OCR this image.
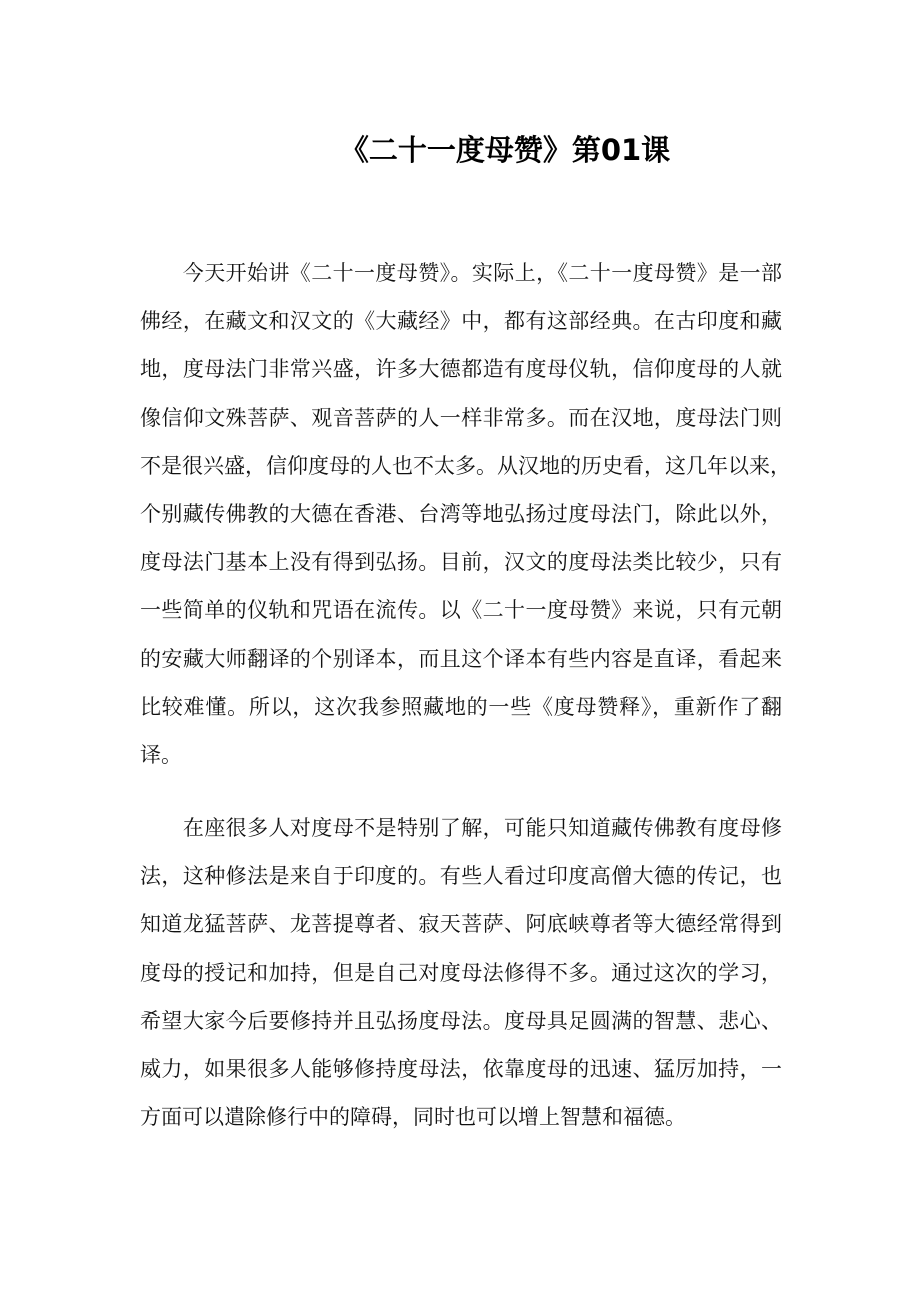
《二十一度母赞》第01课
　　今天开始讲《二十一度母赞》。实际上，《二十一度母赞》是一部
佛经，在藏文和汉文的《大藏经》中，都有这部经典。在古印度和藏
地，度母法门非常兴盛，许多大德都造有度母仪轨，信仰度母的人就
像信仰文殊菩萨、观音菩萨的人一样非常多。而在汉地，度母法门则
不是很兴盛，信仰度母的人也不太多。从汉地的历史看，这几年以来，
个别藏传佛教的大德在香港、台湾等地弘扬过度母法门，除此以外，
度母法门基本上没有得到弘扬。目前，汉文的度母法类比较少，只有
一些简单的仪轨和咒语在流传。以《二十一度母赞》来说，只有元朝
的安藏大师翻译的个别译本，而且这个译本有些内容是直译，看起来
比较难懂。所以，这次我参照藏地的一些《度母赞释》，重新作了翻
译。
　　在座很多人对度母不是特别了解，可能只知道藏传佛教有度母修
法，这种修法是来自于印度的。有些人看过印度高僧大德的传记，也
知道龙猛菩萨、龙菩提尊者、寂天菩萨、阿底峡尊者等大德经常得到
度母的授记和加持，但是自己对度母法修得不多。通过这次的学习，
希望大家今后要修持并且弘扬度母法。度母具足圆满的智慧、悲心、
威力，如果很多人能够修持度母法，依靠度母的迅速、猛厉加持，一
方面可以遣除修行中的障碍，同时也可以增上智慧和福德。
